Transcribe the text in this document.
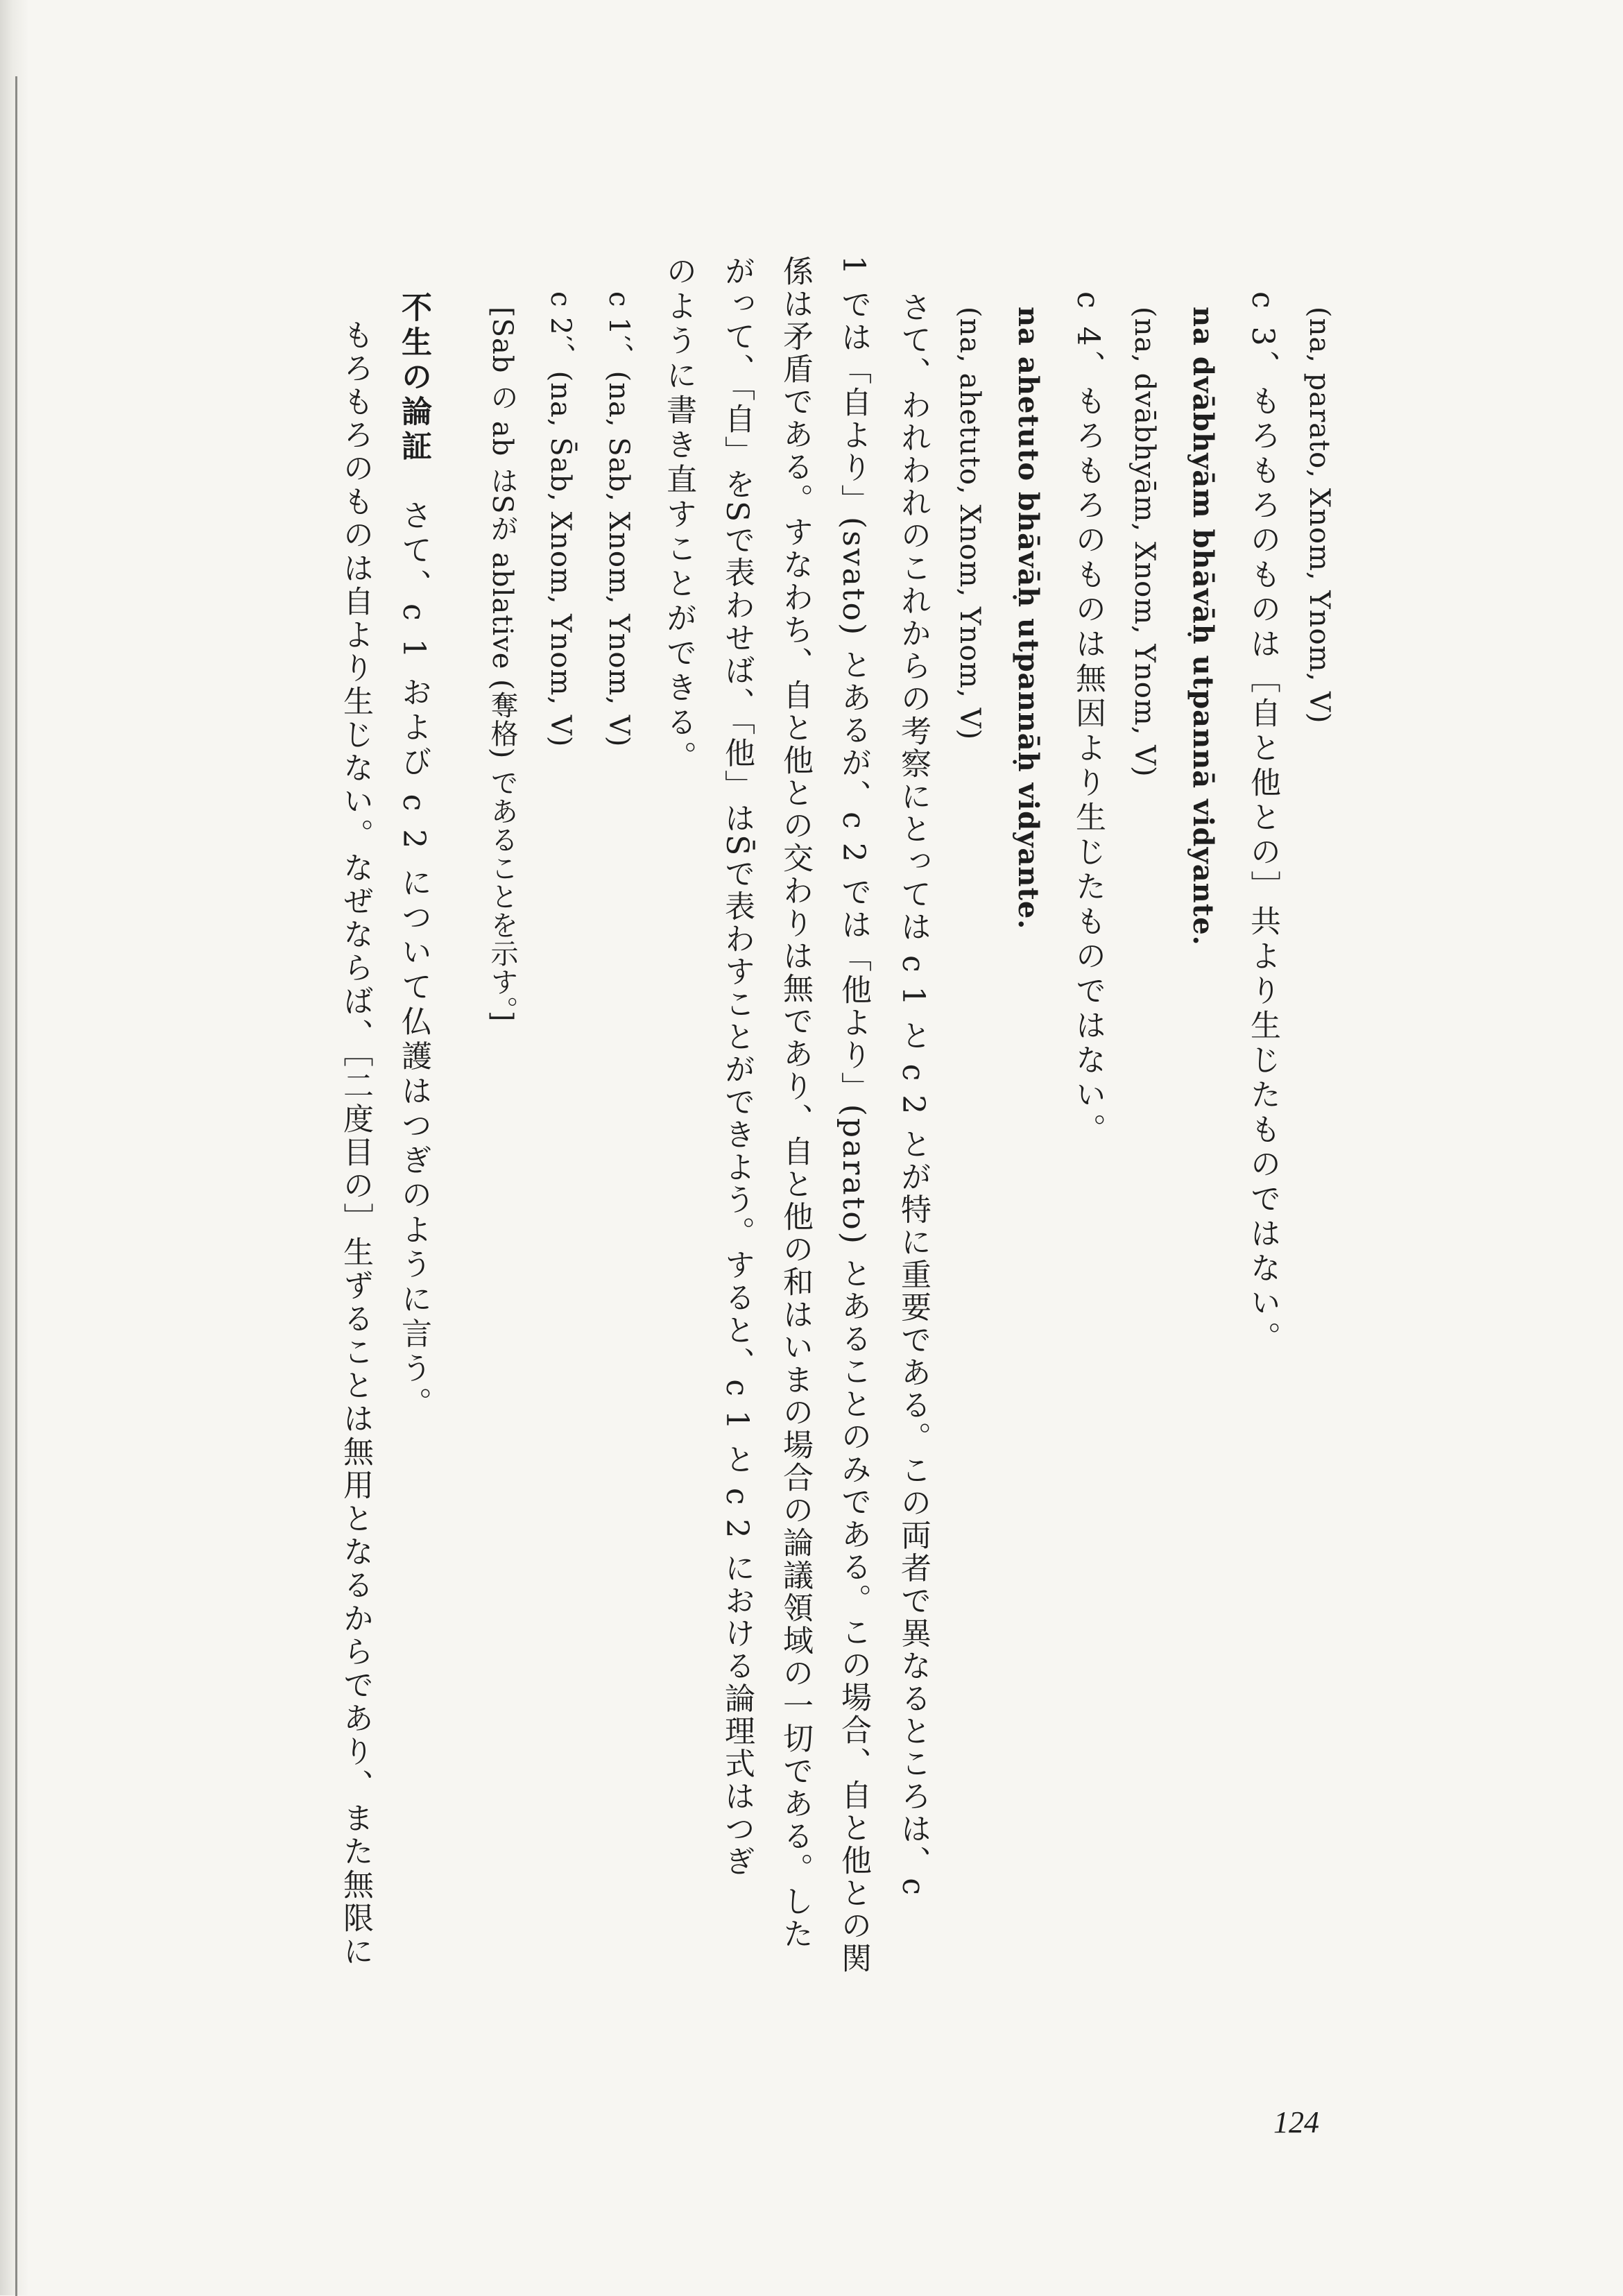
(na, parato, Xnom, Ynom, V)
c 3、もろもろのものは［自と他との］共より生じたものではない。
na dvābhyām bhāvāḥ utpannā vidyante.
(na, dvābhyām, Xnom, Ynom, V)
c 4、もろもろのものは無因より生じたものではない。
na ahetuto bhāvāḥ utpannāḥ vidyante.
(na, ahetuto, Xnom, Ynom, V)
さて、われわれのこれからの考察にとっては c 1 と c 2 とが特に重要である。この両者で異なるところは、c
1 では「自より」(svato) とあるが、c 2 では「他より」(parato) とあることのみである。この場合、自と他との関
係は矛盾である。すなわち、自と他との交わりは無であり、自と他の和はいまの場合の論議領域の一切である。した
がって、「自」をSで表わせば、「他」はS̄で表わすことができよう。すると、c 1 と c 2 における論理式はつぎ
のように書き直すことができる。
c 1′、(na, Sab, Xnom, Ynom, V)
c 2′、(na, S̄ab, Xnom, Ynom, V)
[Sab の ab はSが ablative (奪格) であることを示す。]
不生の論証
さて、c 1 および c 2 について仏護はつぎのように言う。
もろもろのものは自より生じない。なぜならば、［二度目の］生ずることは無用となるからであり、また無限に
124
